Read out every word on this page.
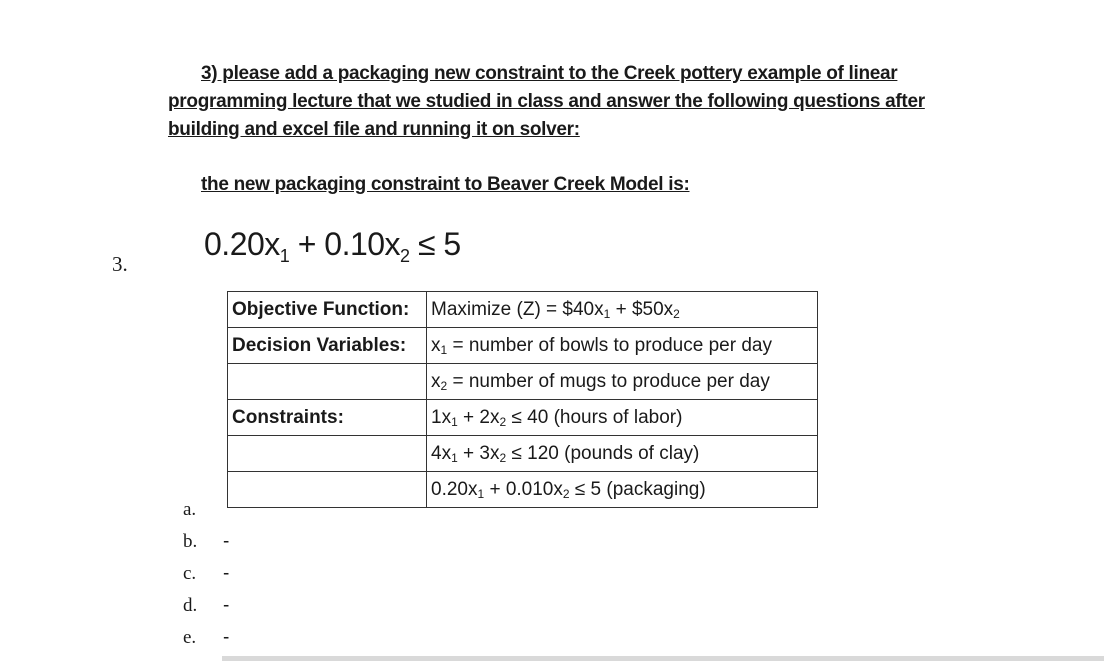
3) please add a packaging new constraint to the Creek pottery example of linear programming lecture that we studied in class and answer the following questions after building and excel file and running it on solver:
the new packaging constraint to Beaver Creek Model is:
$0.20x_1 + 0.10x_2 \le 5$
3.
Objective Function:	Maximize $(Z) = \$40x_1$ + $\$50x_2$
Decision Variables:	$x_1$ = number of bowls to produce per day
	$x_2$ = number of mugs to produce per day
Constraints:	$1x_1 + 2x_2 \le 40$ (hours of labor)
	$4x_1 + 3x_2 \le 120$ (pounds of clay)
	$0.20x_1 + 0.010x_2 \le 5$ (packaging)
a.
b.	-
c.	-
d.	-
e.	-
